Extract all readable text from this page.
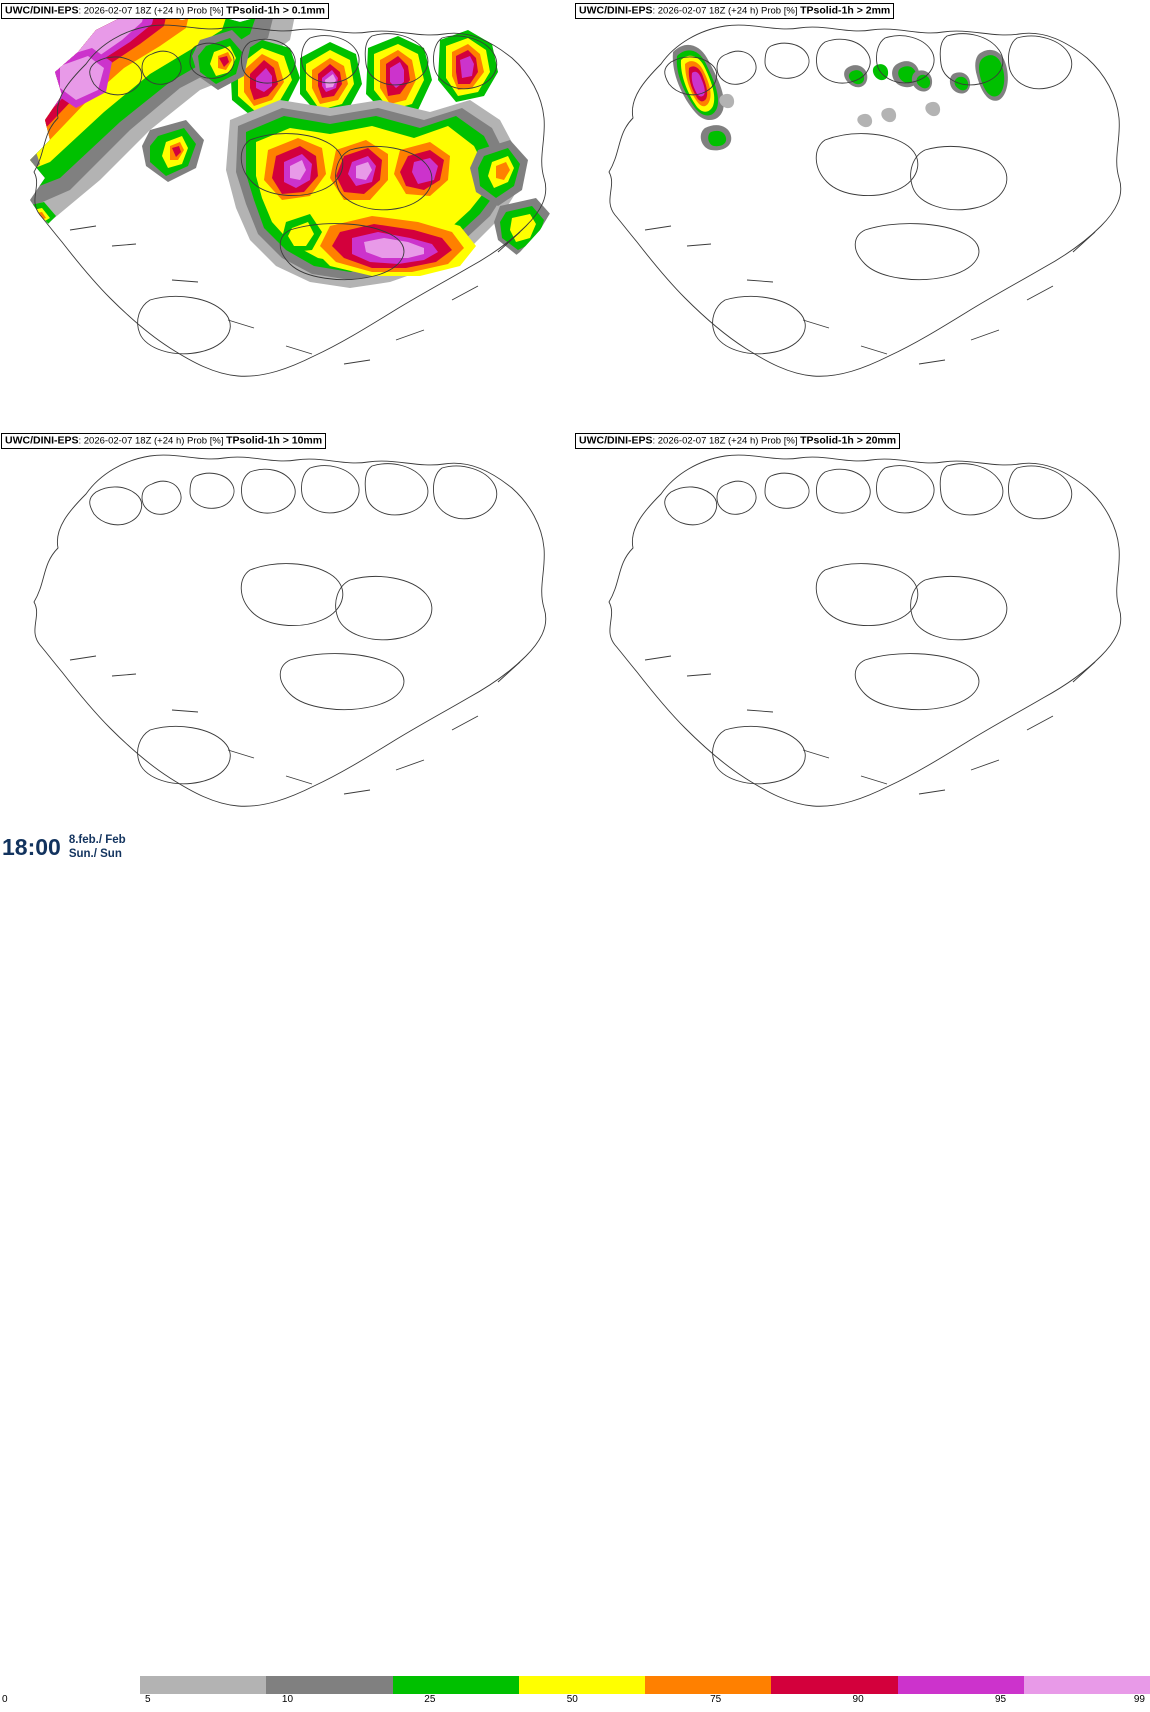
UWC/DINI-EPS: 2026-02-07 18Z (+24 h) Prob [%] TPsolid-1h > 0.1mm	UWC/DINI-EPS: 2026-02-07 18Z (+24 h) Prob [%] TPsolid-1h > 2mm
UWC/DINI-EPS: 2026-02-07 18Z (+24 h) Prob [%] TPsolid-1h > 10mm	UWC/DINI-EPS: 2026-02-07 18Z (+24 h) Prob [%] TPsolid-1h > 20mm
18:00 8.feb./ Feb
Sun./ Sun
0	5	10	25	50	75	90	95	99
